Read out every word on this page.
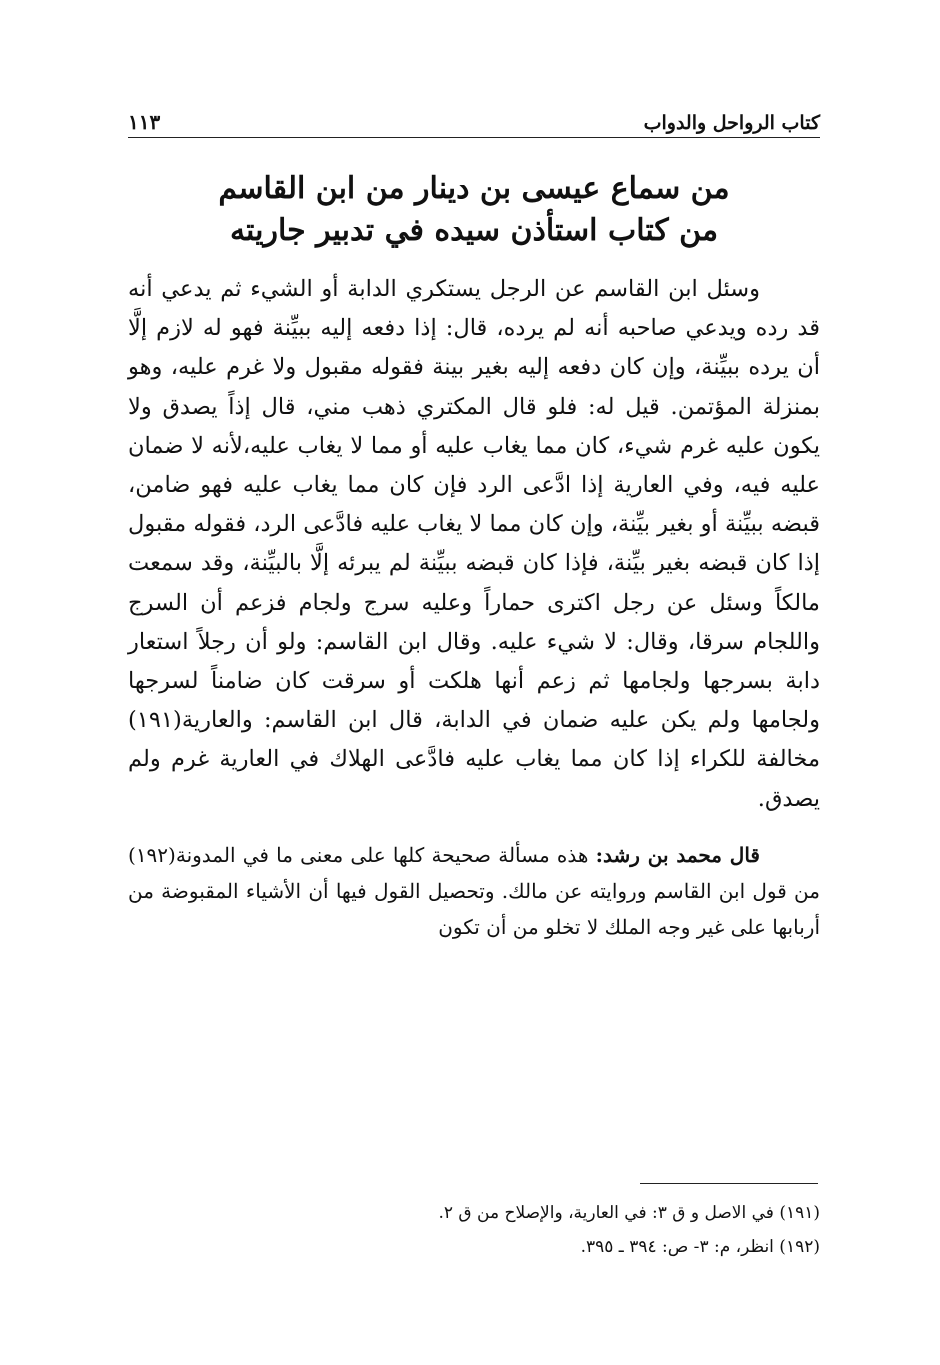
١١٣	كتاب الرواحل والدواب
من سماع عيسى بن دينار من ابن القاسم
من كتاب استأذن سيده في تدبير جاريته

وسئل ابن القاسم عن الرجل يستكري الدابة أو الشيء ثم يدعي أنه قد رده ويدعي صاحبه أنه لم يرده، قال: إذا دفعه إليه ببيِّنة فهو له لازم إلَّا أن يرده ببيِّنة، وإن كان دفعه إليه بغير بينة فقوله مقبول ولا غرم عليه، وهو بمنزلة المؤتمن. قيل له: فلو قال المكتري ذهب مني، قال إذاً يصدق ولا يكون عليه غرم شيء، كان مما يغاب عليه أو مما لا يغاب عليه،لأنه لا ضمان عليه فيه، وفي العارية إذا ادَّعى الرد فإن كان مما يغاب عليه فهو ضامن، قبضه ببيِّنة أو بغير بيِّنة، وإن كان مما لا يغاب عليه فادَّعى الرد، فقوله مقبول إذا كان قبضه بغير بيِّنة، فإذا كان قبضه ببيِّنة لم يبرئه إلَّا بالبيِّنة، وقد سمعت مالكاً وسئل عن رجل اكترى حماراً وعليه سرج ولجام فزعم أن السرج واللجام سرقا، وقال: لا شيء عليه. وقال ابن القاسم: ولو أن رجلاً استعار دابة بسرجها ولجامها ثم زعم أنها هلكت أو سرقت كان ضامناً لسرجها ولجامها ولم يكن عليه ضمان في الدابة، قال ابن القاسم: والعارية(١٩١) مخالفة للكراء إذا كان مما يغاب عليه فادَّعى الهلاك في العارية غرم ولم يصدق.

قال محمد بن رشد: هذه مسألة صحيحة كلها على معنى ما في المدونة(١٩٢) من قول ابن القاسم وروايته عن مالك. وتحصيل القول فيها أن الأشياء المقبوضة من أربابها على غير وجه الملك لا تخلو من أن تكون

(١٩١) في الاصل و ق ٣: في العارية، والإصلاح من ق ٢.
(١٩٢) انظر، م: ٣- ص: ٣٩٤ ـ ٣٩٥.
